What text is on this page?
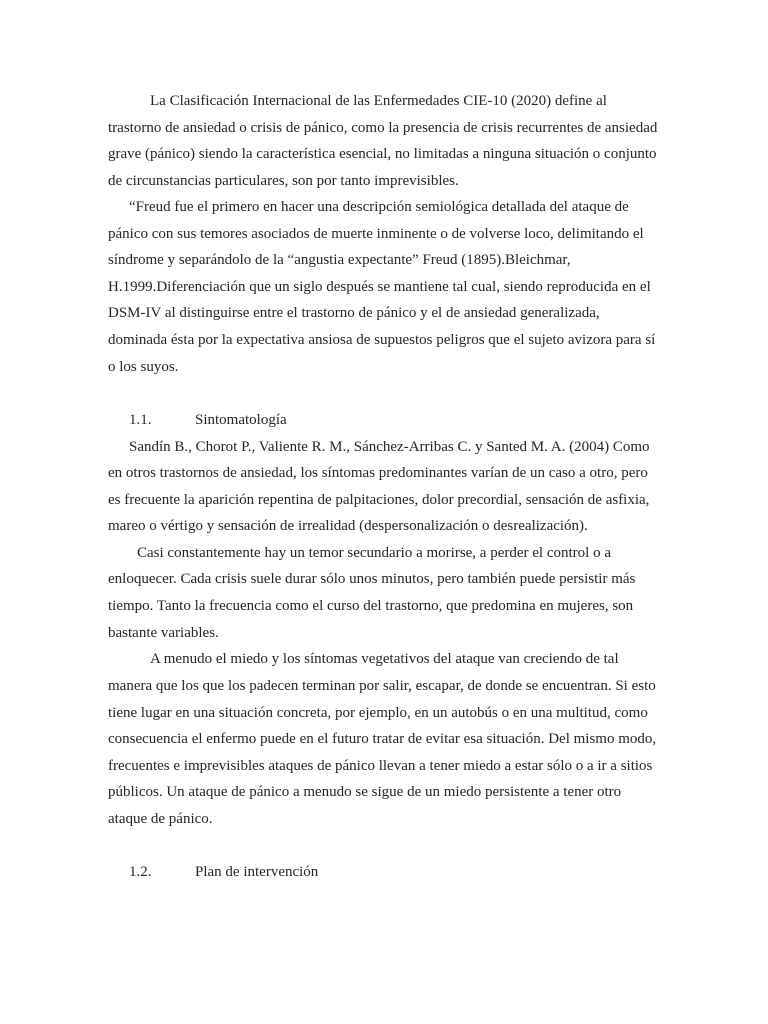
La Clasificación Internacional de las Enfermedades CIE-10 (2020) define al
trastorno de ansiedad o crisis de pánico, como la presencia de crisis recurrentes de ansiedad
grave (pánico) siendo la característica esencial, no limitadas a ninguna situación o conjunto
de circunstancias particulares, son por tanto imprevisibles.
“Freud fue el primero en hacer una descripción semiológica detallada del ataque de
pánico con sus temores asociados de muerte inminente o de volverse loco, delimitando el
síndrome y separándolo de la “angustia expectante” Freud (1895).Bleichmar,
H.1999.Diferenciación que un siglo después se mantiene tal cual, siendo reproducida en el
DSM-IV al distinguirse entre el trastorno de pánico y el de ansiedad generalizada,
dominada ésta por la expectativa ansiosa de supuestos peligros que el sujeto avizora para sí
o los suyos.
1.1.	Sintomatología
Sandín B., Chorot P., Valiente R. M., Sánchez-Arribas C. y Santed M. A. (2004) Como
en otros trastornos de ansiedad, los síntomas predominantes varían de un caso a otro, pero
es frecuente la aparición repentina de palpitaciones, dolor precordial, sensación de asfixia,
mareo o vértigo y sensación de irrealidad (despersonalización o desrealización).
Casi constantemente hay un temor secundario a morirse, a perder el control o a
enloquecer. Cada crisis suele durar sólo unos minutos, pero también puede persistir más
tiempo. Tanto la frecuencia como el curso del trastorno, que predomina en mujeres, son
bastante variables.
A menudo el miedo y los síntomas vegetativos del ataque van creciendo de tal
manera que los que los padecen terminan por salir, escapar, de donde se encuentran. Si esto
tiene lugar en una situación concreta, por ejemplo, en un autobús o en una multitud, como
consecuencia el enfermo puede en el futuro tratar de evitar esa situación. Del mismo modo,
frecuentes e imprevisibles ataques de pánico llevan a tener miedo a estar sólo o a ir a sitios
públicos. Un ataque de pánico a menudo se sigue de un miedo persistente a tener otro
ataque de pánico.
1.2.	Plan de intervención
